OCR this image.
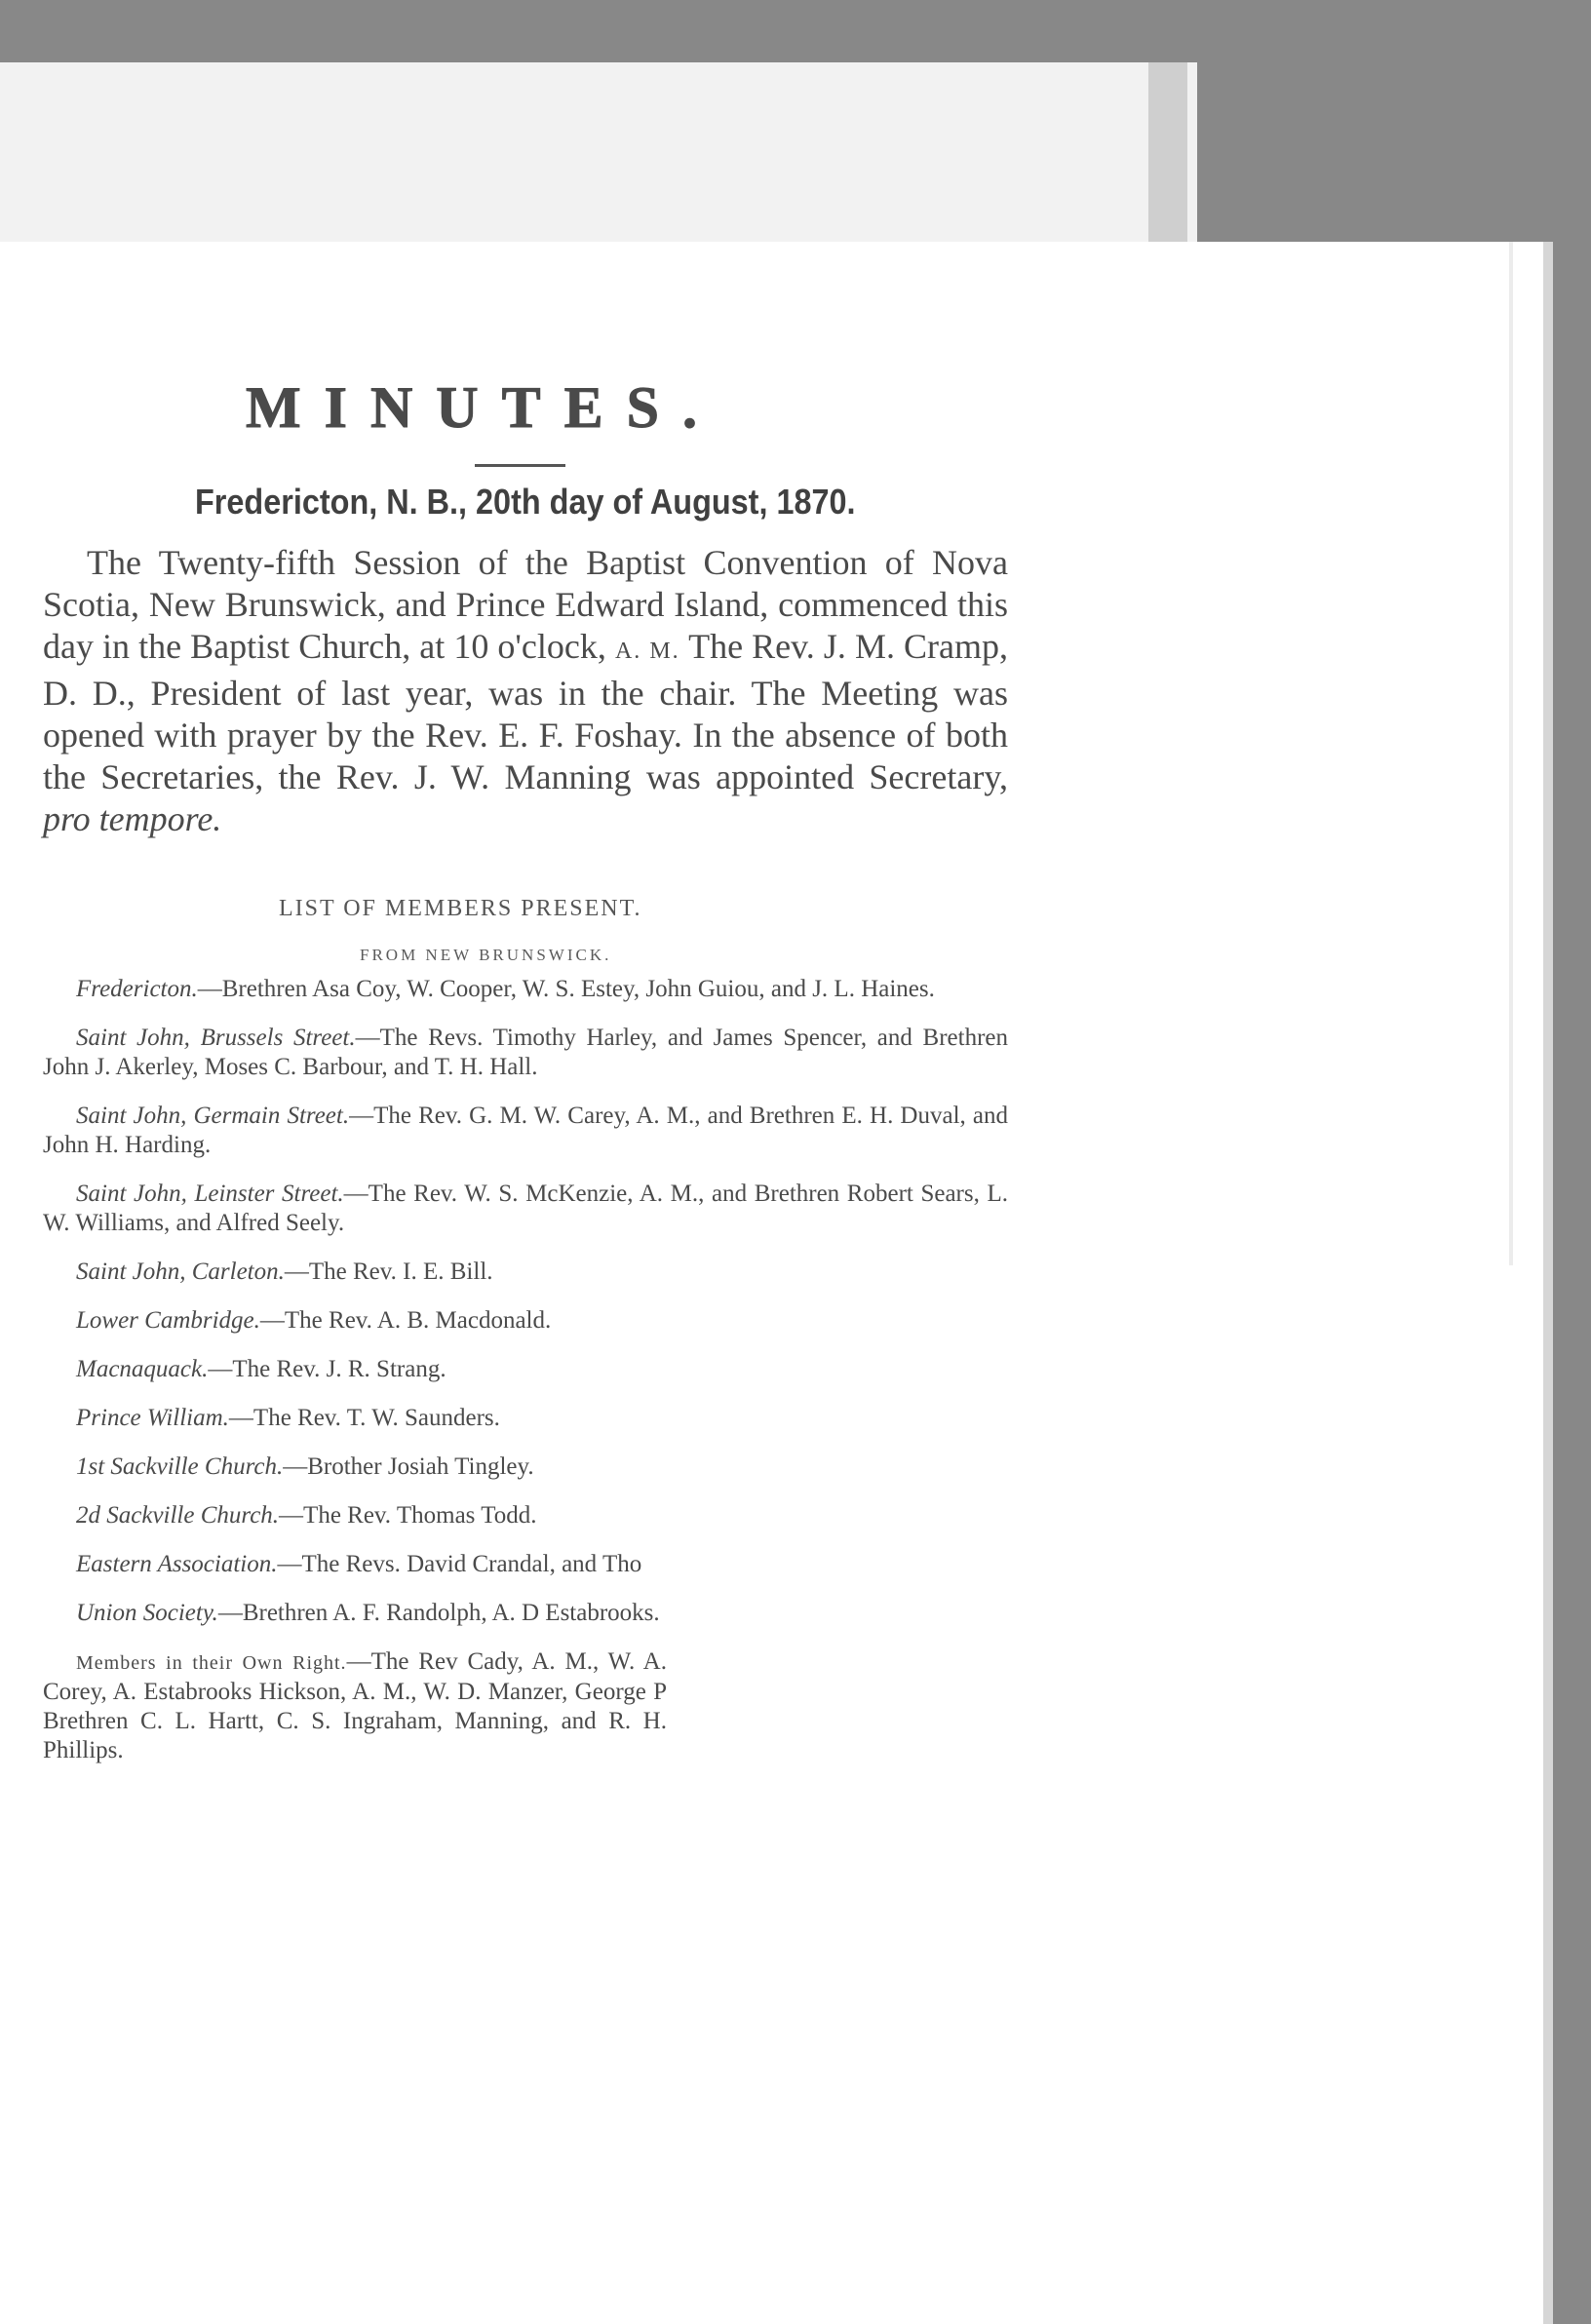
MINUTES.
Fredericton, N. B., 20th day of August, 1870.
The Twenty-fifth Session of the Baptist Convention of Nova Scotia, New Brunswick, and Prince Edward Island, commenced this day in the Baptist Church, at 10 o'clock, A. M. The Rev. J. M. Cramp, D. D., President of last year, was in the chair. The Meeting was opened with prayer by the Rev. E. F. Foshay. In the absence of both the Secretaries, the Rev. J. W. Manning was appointed Secretary, pro tempore.
LIST OF MEMBERS PRESENT.
FROM NEW BRUNSWICK.
Fredericton.—Brethren Asa Coy, W. Cooper, W. S. Estey, John Guiou, and J. L. Haines.
Saint John, Brussels Street.—The Revs. Timothy Harley, and James Spencer, and Brethren John J. Akerley, Moses C. Barbour, and T. H. Hall.
Saint John, Germain Street.—The Rev. G. M. W. Carey, A. M., and Brethren E. H. Duval, and John H. Harding.
Saint John, Leinster Street.—The Rev. W. S. McKenzie, A. M., and Brethren Robert Sears, L. W. Williams, and Alfred Seely.
Saint John, Carleton.—The Rev. I. E. Bill.
Lower Cambridge.—The Rev. A. B. Macdonald.
Macnaquack.—The Rev. J. R. Strang.
Prince William.—The Rev. T. W. Saunders.
1st Sackville Church.—Brother Josiah Tingley.
2d Sackville Church.—The Rev. Thomas Todd.
Eastern Association.—The Revs. David Crandal, and Tho
Union Society.—Brethren A. F. Randolph, A. D Estabrooks.
Members in their Own Right.—The Rev Cady, A. M., W. A. Corey, A. Estabrooks Hickson, A. M., W. D. Manzer, George P Brethren C. L. Hartt, C. S. Ingraham, Manning, and R. H. Phillips.
